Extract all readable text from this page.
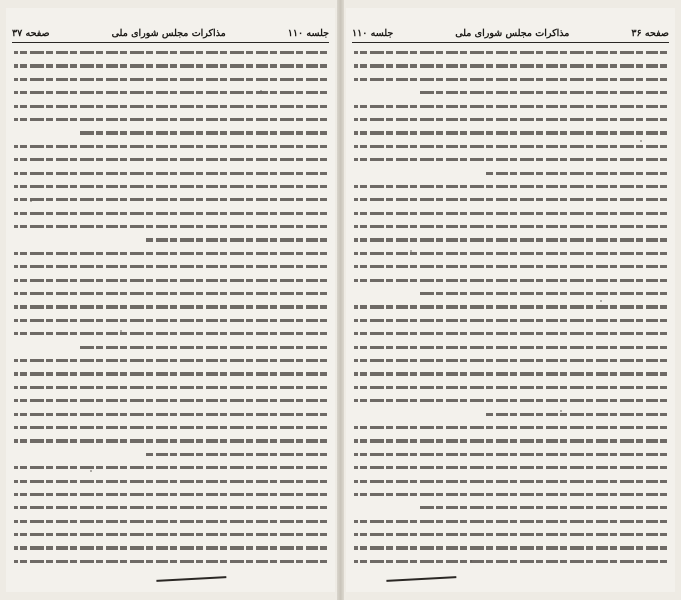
جلسه ۱۱۰
مذاکرات مجلس شورای ملی
صفحه ۳۷	صفحه ۳۶
مذاکرات مجلس شورای ملی
جلسه ۱۱۰
